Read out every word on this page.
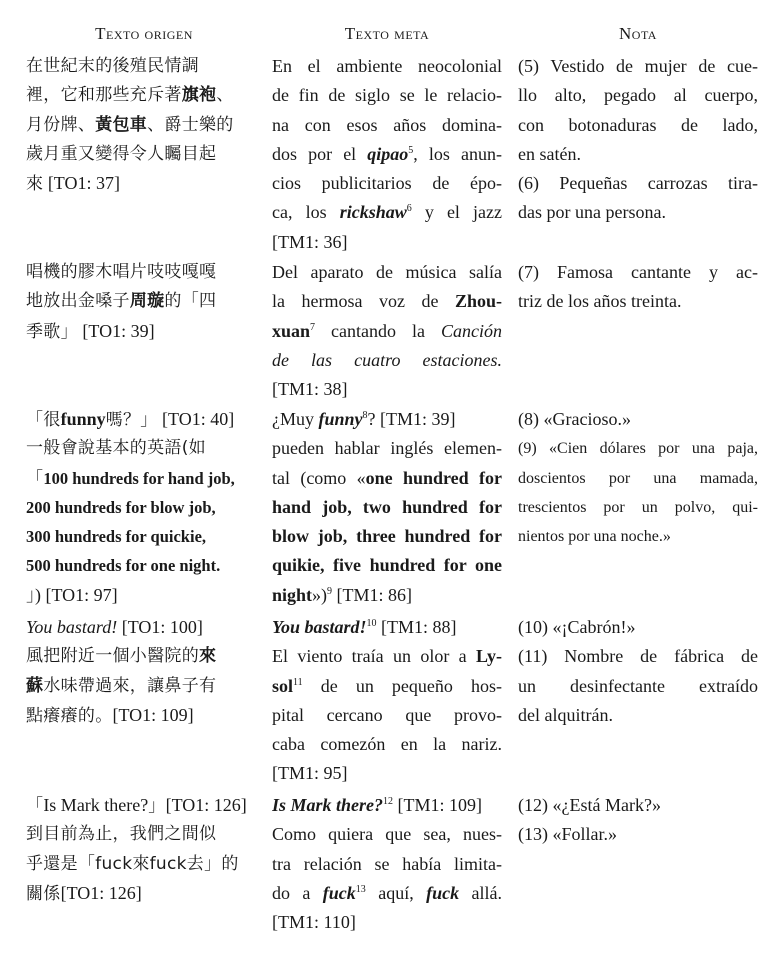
Texto origen	Texto meta	Nota
在世紀末的後殖民情調
裡，它和那些充斥著旗袍、
月份牌、黃包車、爵士樂的
歲月重又變得令人矚目起
來 [TO1: 37]
En el ambiente neocolonial
de fin de siglo se le relacio-
na con esos años domina-
dos por el qipao$^5$, los anun-
cios publicitarios de épo-
ca, los rickshaw$^6$ y el jazz
[TM1: 36]
(5) Vestido de mujer de cue-
llo alto, pegado al cuerpo,
con botonaduras de lado,
en satén.
(6) Pequeñas carrozas tira-
das por una persona.
唱機的膠木唱片吱吱嘎嘎
地放出金嗓子周璇的「四
季歌」 [TO1: 39]
Del aparato de música salía
la hermosa voz de Zhou-
xuan$^7$ cantando la Canción
de las cuatro estaciones.
[TM1: 38]
(7) Famosa cantante y ac-
triz de los años treinta.
「很funny嗎？」 [TO1: 40]
一般會說基本的英語(如
「100 hundreds for hand job,
200 hundreds for blow job,
300 hundreds for quickie,
500 hundreds for one night.
」) [TO1: 97]
¿Muy funny$^8$? [TM1: 39]
pueden hablar inglés elemen-
tal (como «one hundred for
hand job, two hundred for
blow job, three hundred for
quikie, five hundred for one
night»)$^9$ [TM1: 86]
(8) «Gracioso.»
(9) «Cien dólares por una paja,
doscientos por una mamada,
trescientos por un polvo, qui-
nientos por una noche.»
You bastard! [TO1: 100]
風把附近一個小醫院的來
蘇水味帶過來，讓鼻子有
點癢癢的。[TO1: 109]
You bastard!$^{10}$ [TM1: 88]
El viento traía un olor a Ly-
sol$^{11}$ de un pequeño hos-
pital cercano que provo-
caba comezón en la nariz.
[TM1: 95]
(10) «¡Cabrón!»
(11) Nombre de fábrica de
un desinfectante extraído
del alquitrán.
「Is Mark there?」[TO1: 126]
到目前為止，我們之間似
乎還是「fuck來fuck去」的
關係[TO1: 126]
Is Mark there?$^{12}$ [TM1: 109]
Como quiera que sea, nues-
tra relación se había limita-
do a fuck$^{13}$ aquí, fuck allá.
[TM1: 110]
(12) «¿Está Mark?»
(13) «Follar.»
